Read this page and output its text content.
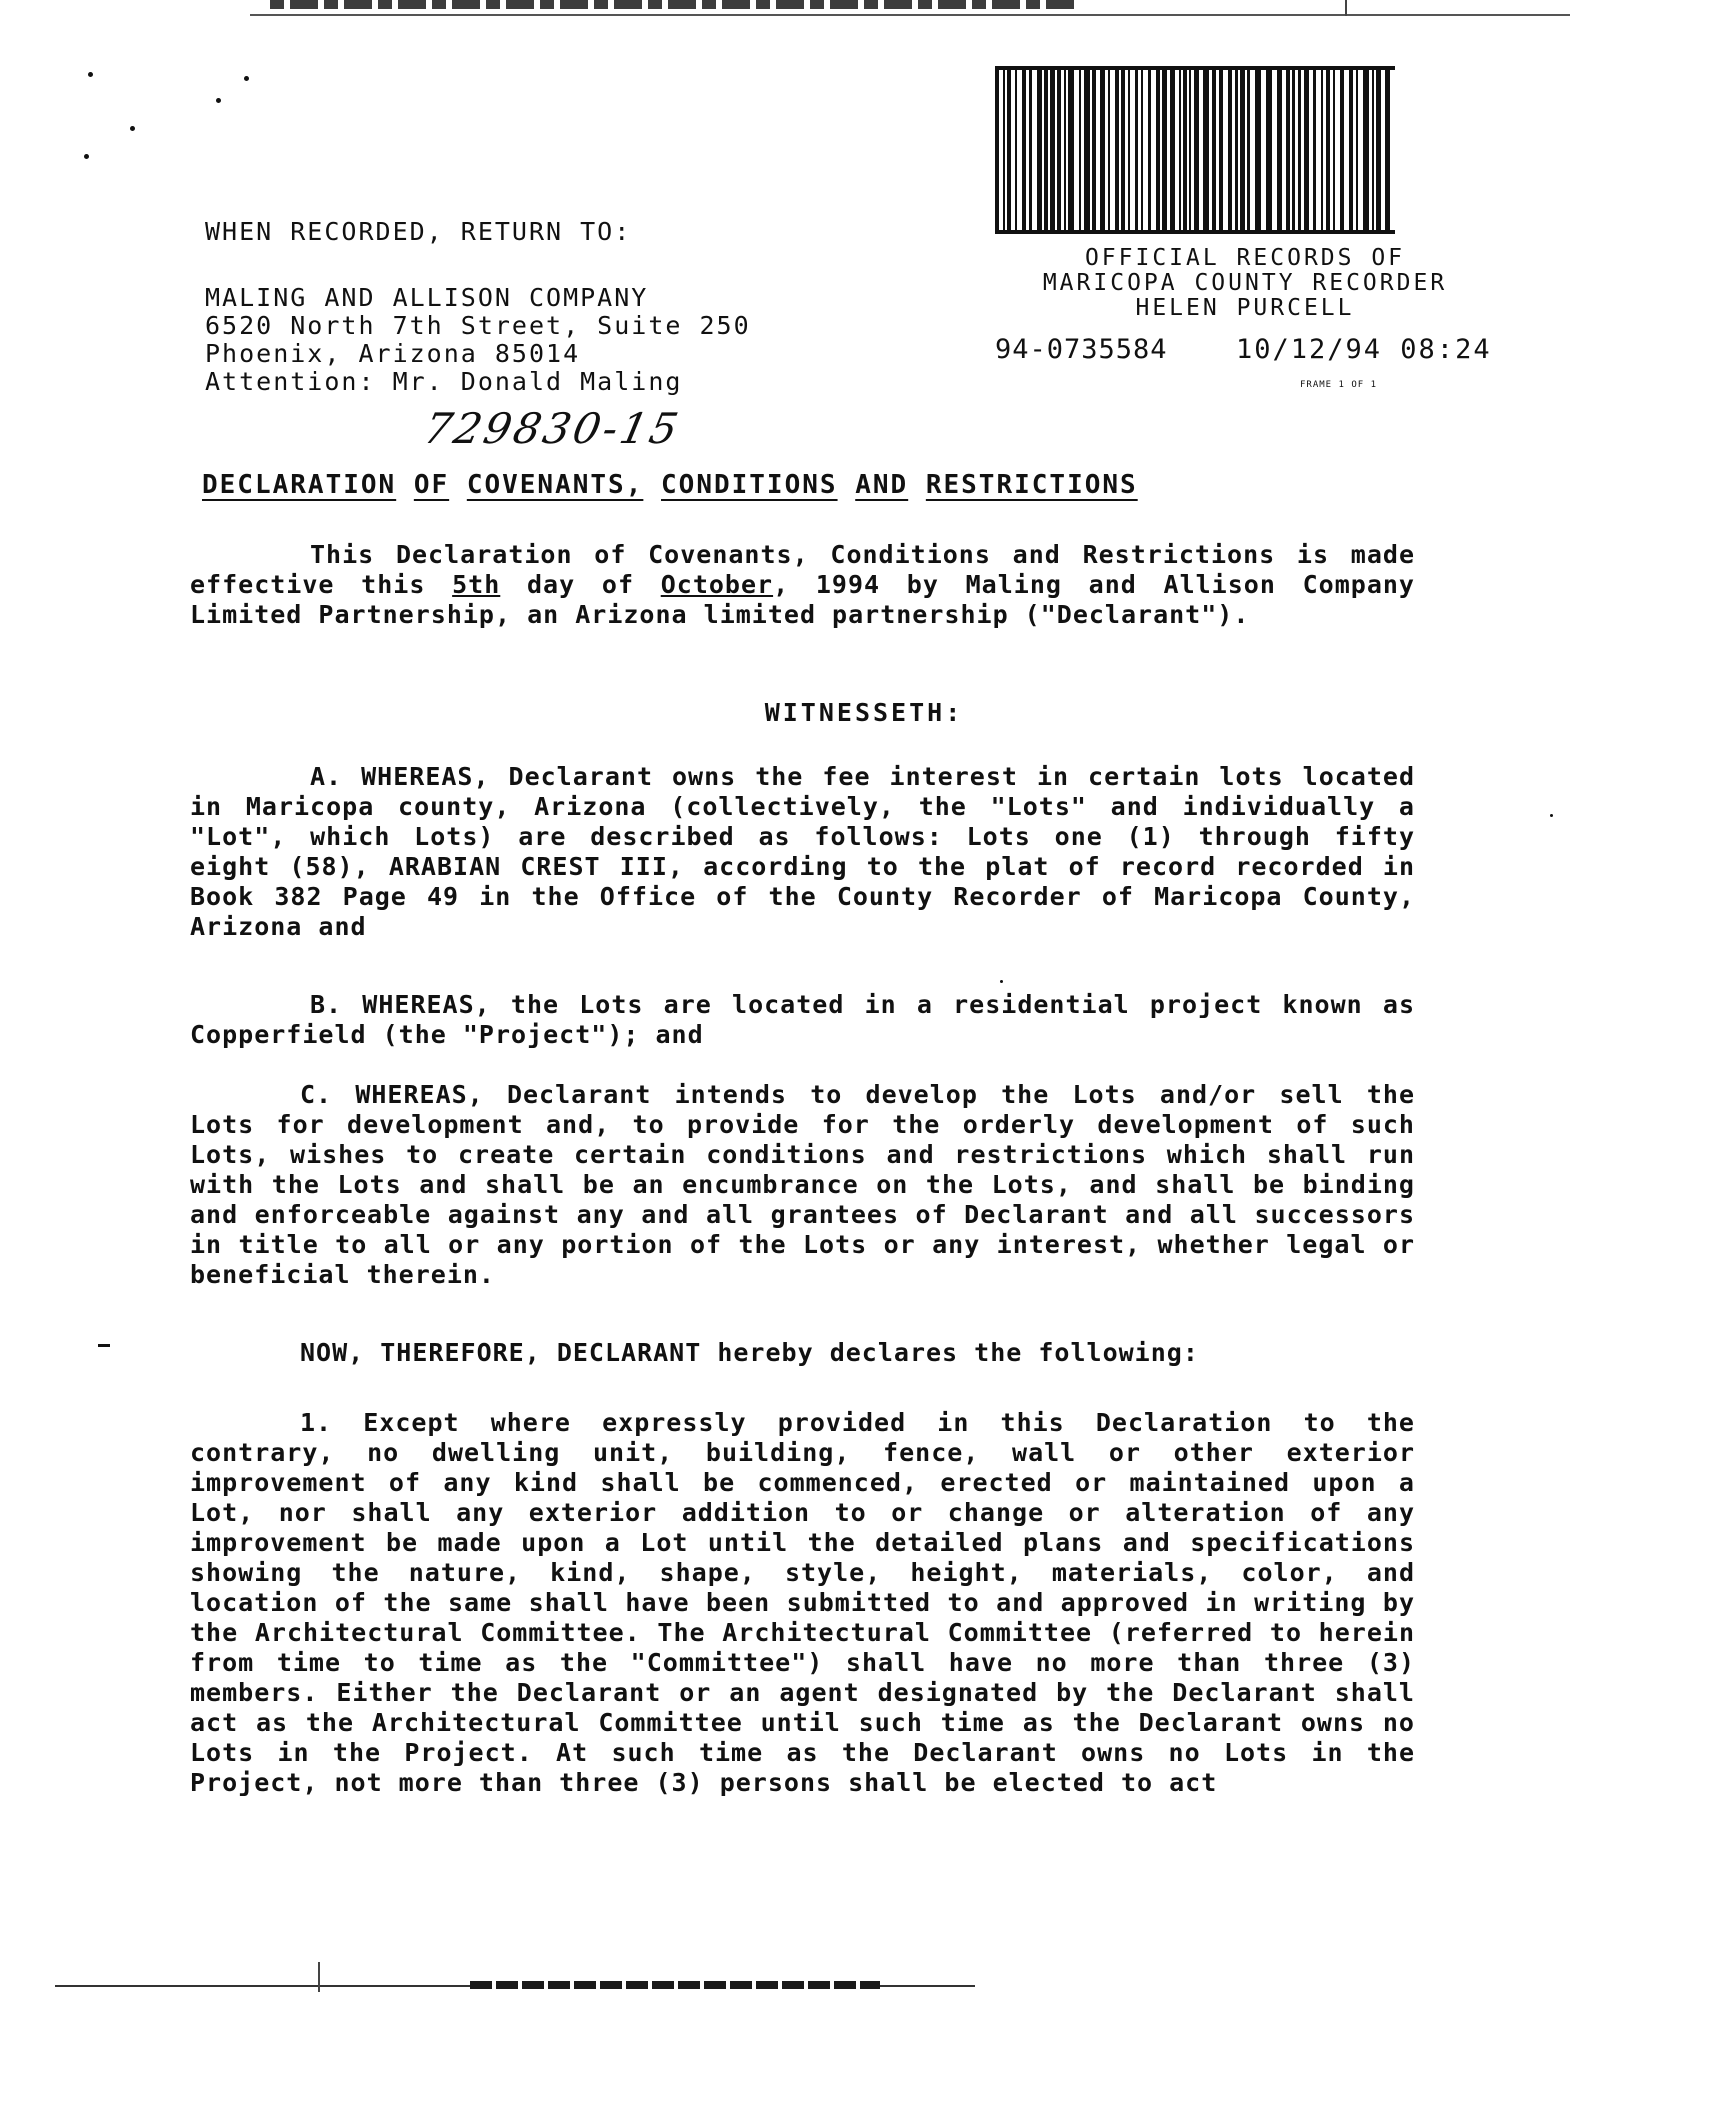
OFFICIAL RECORDS OF
MARICOPA COUNTY RECORDER
HELEN PURCELL
94-0735584	10/12/94 08:24
FRAME 1 OF 1
WHEN RECORDED, RETURN TO:
MALING AND ALLISON COMPANY
6520 North 7th Street, Suite 250
Phoenix, Arizona 85014
Attention: Mr. Donald Maling
729830-15
DECLARATION OF COVENANTS, CONDITIONS AND RESTRICTIONS
This Declaration of Covenants, Conditions and Restrictions is made effective this 5th day of October, 1994 by Maling and Allison Company Limited Partnership, an Arizona limited partnership ("Declarant").
WITNESSETH:
A. WHEREAS, Declarant owns the fee interest in certain lots located in Maricopa county, Arizona (collectively, the "Lots" and individually a "Lot", which Lots) are described as follows: Lots one (1) through fifty eight (58), ARABIAN CREST III, according to the plat of record recorded in Book 382 Page 49 in the Office of the County Recorder of Maricopa County, Arizona and
B. WHEREAS, the Lots are located in a residential project known as Copperfield (the "Project"); and
C. WHEREAS, Declarant intends to develop the Lots and/or sell the Lots for development and, to provide for the orderly development of such Lots, wishes to create certain conditions and restrictions which shall run with the Lots and shall be an encumbrance on the Lots, and shall be binding and enforceable against any and all grantees of Declarant and all successors in title to all or any portion of the Lots or any interest, whether legal or beneficial therein.
NOW, THEREFORE, DECLARANT hereby declares the following:
1. Except where expressly provided in this Declaration to the contrary, no dwelling unit, building, fence, wall or other exterior improvement of any kind shall be commenced, erected or maintained upon a Lot, nor shall any exterior addition to or change or alteration of any improvement be made upon a Lot until the detailed plans and specifications showing the nature, kind, shape, style, height, materials, color, and location of the same shall have been submitted to and approved in writing by the Architectural Committee. The Architectural Committee (referred to herein from time to time as the "Committee") shall have no more than three (3) members. Either the Declarant or an agent designated by the Declarant shall act as the Architectural Committee until such time as the Declarant owns no Lots in the Project. At such time as the Declarant owns no Lots in the Project, not more than three (3) persons shall be elected to act
